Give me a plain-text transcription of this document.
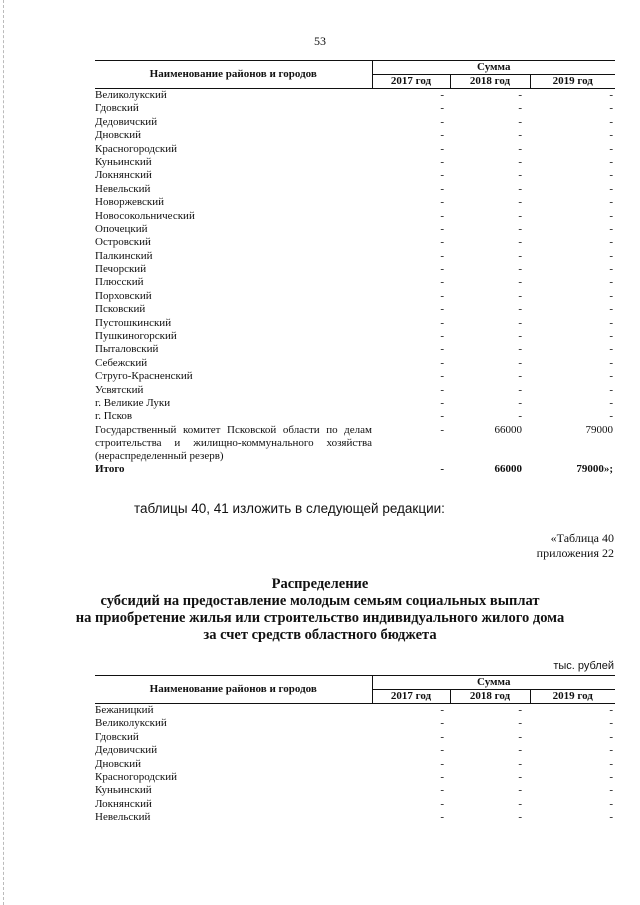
53
Наименование районов и городов	Сумма		
	2017 год	2018 год	2019 год
Великолукский	-	-	-

Гдовский	-	-	-

Дедовичский	-	-	-

Дновский	-	-	-

Красногородский	-	-	-

Куньинский	-	-	-

Локнянский	-	-	-

Невельский	-	-	-

Новоржевский	-	-	-

Новосокольнический	-	-	-

Опочецкий	-	-	-

Островский	-	-	-

Палкинский	-	-	-

Печорский	-	-	-

Плюсский	-	-	-

Порховский	-	-	-

Псковский	-	-	-

Пустошкинский	-	-	-

Пушкиногорский	-	-	-

Пыталовский	-	-	-

Себежский	-	-	-

Струго-Красненский	-	-	-

Усвятский	-	-	-

г. Великие Луки	-	-	-

г. Псков	-	-	-

Государственный комитет Псковской области по делам строительства и жилищно-коммунального хозяйства (нераспределенный резерв)	-	66000	79000

Итого	-	66000	79000»;
таблицы 40, 41 изложить в следующей редакции:
«Таблица 40
приложения 22
Распределение
субсидий на предоставление молодым семьям социальных выплат
на приобретение жилья или строительство индивидуального жилого дома
за счет средств областного бюджета
тыс. рублей
Наименование районов и городов	Сумма		
	2017 год	2018 год	2019 год
Бежаницкий	-	-	-

Великолукский	-	-	-

Гдовский	-	-	-

Дедовичский	-	-	-

Дновский	-	-	-

Красногородский	-	-	-

Куньинский	-	-	-

Локнянский	-	-	-

Невельский	-	-	-
